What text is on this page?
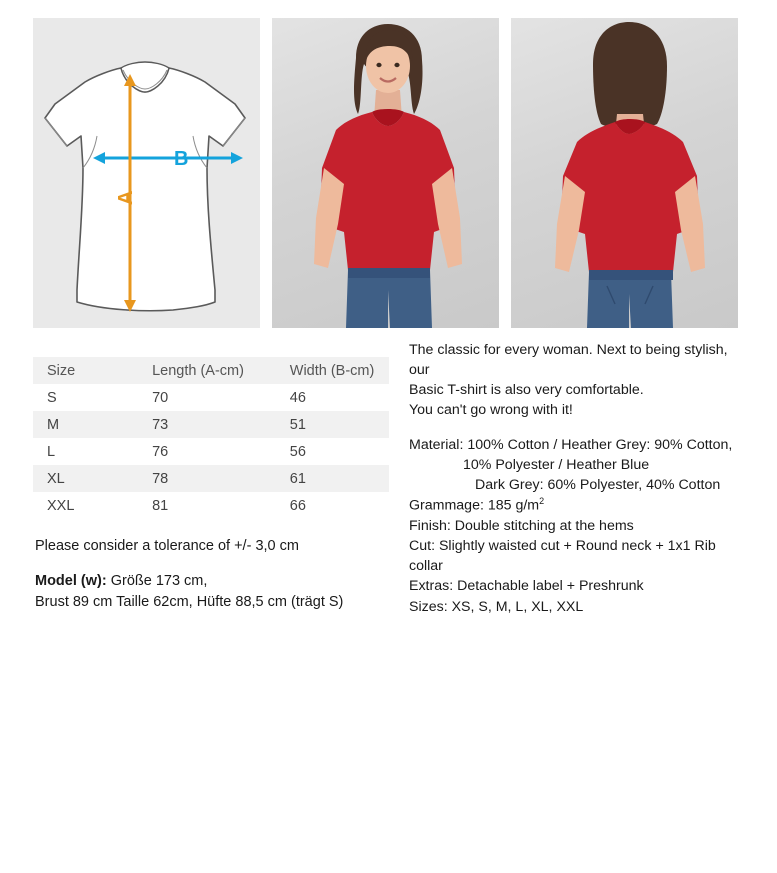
B
A
Size	Length (A-cm)	Width (B-cm)
S	70	46
M	73	51
L	76	56
XL	78	61
XXL	81	66
Please consider a tolerance of +/- 3,0 cm
Model (w): Größe 173 cm,
Brust 89 cm Taille 62cm, Hüfte 88,5 cm (trägt S)

The classic for every woman. Next to being stylish, our

Basic T-shirt is also very comfortable.

You can't go wrong with it!

Material: 100% Cotton / Heather Grey: 90% Cotton,

10% Polyester / Heather Blue

Dark Grey: 60% Polyester, 40% Cotton

Grammage: 185 $g/m^2$

Finish: Double stitching at the hems

Cut: Slightly waisted cut + Round neck + 1x1 Rib collar

Extras: Detachable label + Preshrunk

Sizes: XS, S, M, L, XL, XXL
